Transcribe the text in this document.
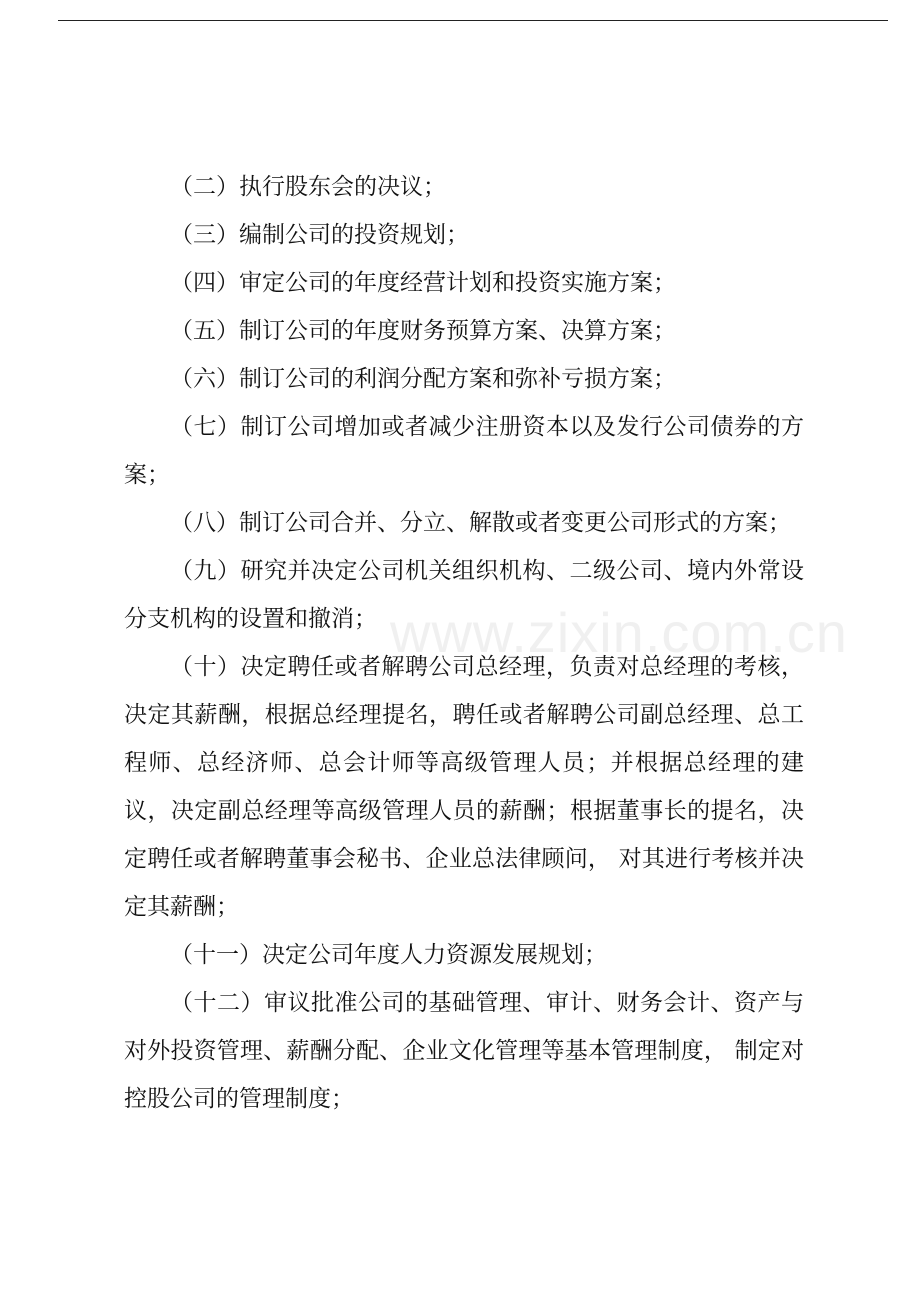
（二）执行股东会的决议；

（三）编制公司的投资规划；

（四）审定公司的年度经营计划和投资实施方案；

（五）制订公司的年度财务预算方案、决算方案；

（六）制订公司的利润分配方案和弥补亏损方案；

（七）制订公司增加或者减少注册资本以及发行公司债券的方案；

（八）制订公司合并、分立、解散或者变更公司形式的方案；

（九）研究并决定公司机关组织机构、二级公司、境内外常设分支机构的设置和撤消；

（十）决定聘任或者解聘公司总经理，负责对总经理的考核，决定其薪酬，根据总经理提名，聘任或者解聘公司副总经理、总工程师、总经济师、总会计师等高级管理人员；并根据总经理的建议，决定副总经理等高级管理人员的薪酬；根据董事长的提名，决定聘任或者解聘董事会秘书、企业总法律顾问， 对其进行考核并决定其薪酬；

（十一）决定公司年度人力资源发展规划；

（十二）审议批准公司的基础管理、审计、财务会计、资产与对外投资管理、薪酬分配、企业文化管理等基本管理制度， 制定对控股公司的管理制度；

www.zixin.com.cn
